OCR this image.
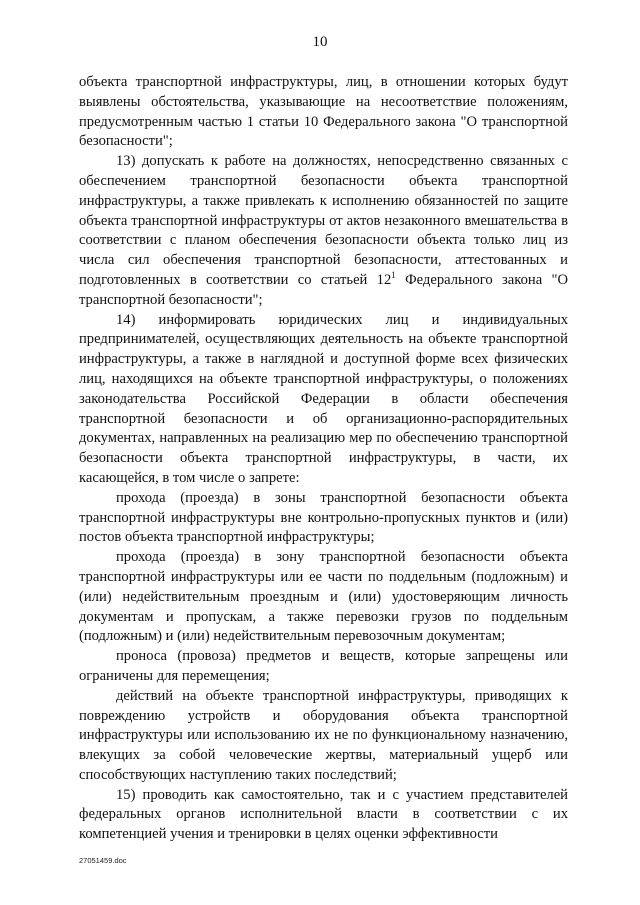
10

объекта транспортной инфраструктуры, лиц, в отношении которых будут выявлены обстоятельства, указывающие на несоответствие положениям, предусмотренным частью 1 статьи 10 Федерального закона "О транспортной безопасности";

13) допускать к работе на должностях, непосредственно связанных с обеспечением транспортной безопасности объекта транспортной инфраструктуры, а также привлекать к исполнению обязанностей по защите объекта транспортной инфраструктуры от актов незаконного вмешательства в соответствии с планом обеспечения безопасности объекта только лиц из числа сил обеспечения транспортной безопасности, аттестованных и подготовленных в соответствии со статьей $12^1$ Федерального закона "О транспортной безопасности";

14) информировать юридических лиц и индивидуальных предпринимателей, осуществляющих деятельность на объекте транспортной инфраструктуры, а также в наглядной и доступной форме всех физических лиц, находящихся на объекте транспортной инфраструктуры, о положениях законодательства Российской Федерации в области обеспечения транспортной безопасности и об организационно-распорядительных документах, направленных на реализацию мер по обеспечению транспортной безопасности объекта транспортной инфраструктуры, в части, их касающейся, в том числе о запрете:

прохода (проезда) в зоны транспортной безопасности объекта транспортной инфраструктуры вне контрольно-пропускных пунктов и (или) постов объекта транспортной инфраструктуры;

прохода (проезда) в зону транспортной безопасности объекта транспортной инфраструктуры или ее части по поддельным (подложным) и (или) недействительным проездным и (или) удостоверяющим личность документам и пропускам, а также перевозки грузов по поддельным (подложным) и (или) недействительным перевозочным документам;

проноса (провоза) предметов и веществ, которые запрещены или ограничены для перемещения;

действий на объекте транспортной инфраструктуры, приводящих к повреждению устройств и оборудования объекта транспортной инфраструктуры или использованию их не по функциональному назначению, влекущих за собой человеческие жертвы, материальный ущерб или способствующих наступлению таких последствий;

15) проводить как самостоятельно, так и с участием представителей федеральных органов исполнительной власти в соответствии с их компетенцией учения и тренировки в целях оценки эффективности

27051459.doc
